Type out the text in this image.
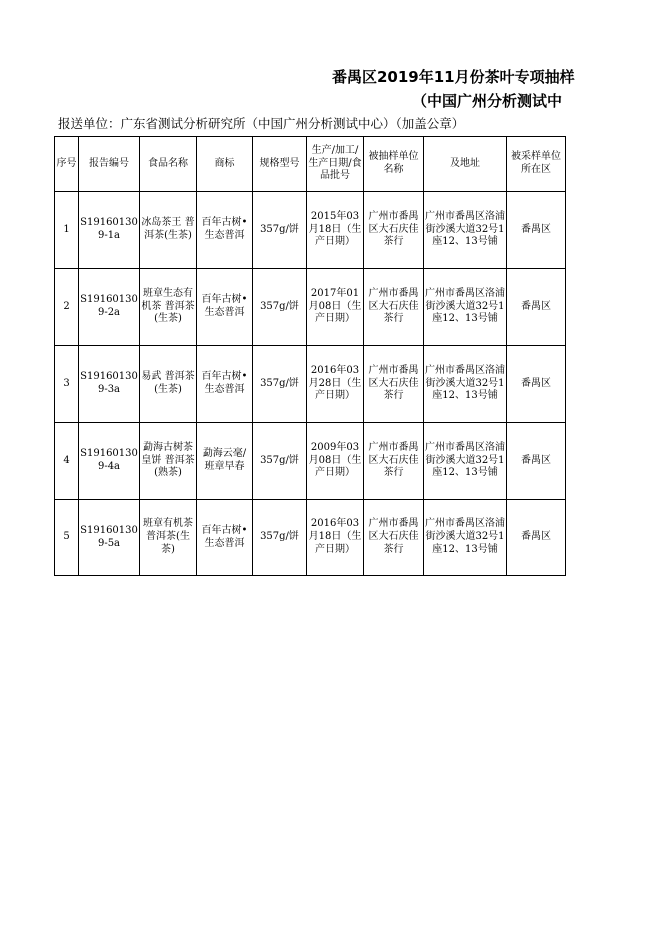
番禺区2019年11月份茶叶专项抽样
（中国广州分析测试中
报送单位：广东省测试分析研究所（中国广州分析测试中心）（加盖公章）
序号	报告编号	食品名称	商标	规格型号	生产/加工/生产日期/食品批号	被抽样单位名称	及地址	被采样单位所在区
1	S191601309-1a	冰岛茶王 普洱茶(生茶)	百年古树•生态普洱	357g/饼	2015年03月18日（生产日期）	广州市番禺区大石庆佳茶行	广州市番禺区洛浦街沙溪大道32号1座12、13号铺	番禺区
2	S191601309-2a	班章生态有机茶 普洱茶(生茶)	百年古树•生态普洱	357g/饼	2017年01月08日（生产日期）	广州市番禺区大石庆佳茶行	广州市番禺区洛浦街沙溪大道32号1座12、13号铺	番禺区
3	S191601309-3a	易武 普洱茶(生茶)	百年古树•生态普洱	357g/饼	2016年03月28日（生产日期）	广州市番禺区大石庆佳茶行	广州市番禺区洛浦街沙溪大道32号1座12、13号铺	番禺区
4	S191601309-4a	勐海古树茶皇饼 普洱茶(熟茶)	勐海云毫/班章早春	357g/饼	2009年03月08日（生产日期）	广州市番禺区大石庆佳茶行	广州市番禺区洛浦街沙溪大道32号1座12、13号铺	番禺区
5	S191601309-5a	班章有机茶 普洱茶(生茶)	百年古树•生态普洱	357g/饼	2016年03月18日（生产日期）	广州市番禺区大石庆佳茶行	广州市番禺区洛浦街沙溪大道32号1座12、13号铺	番禺区
